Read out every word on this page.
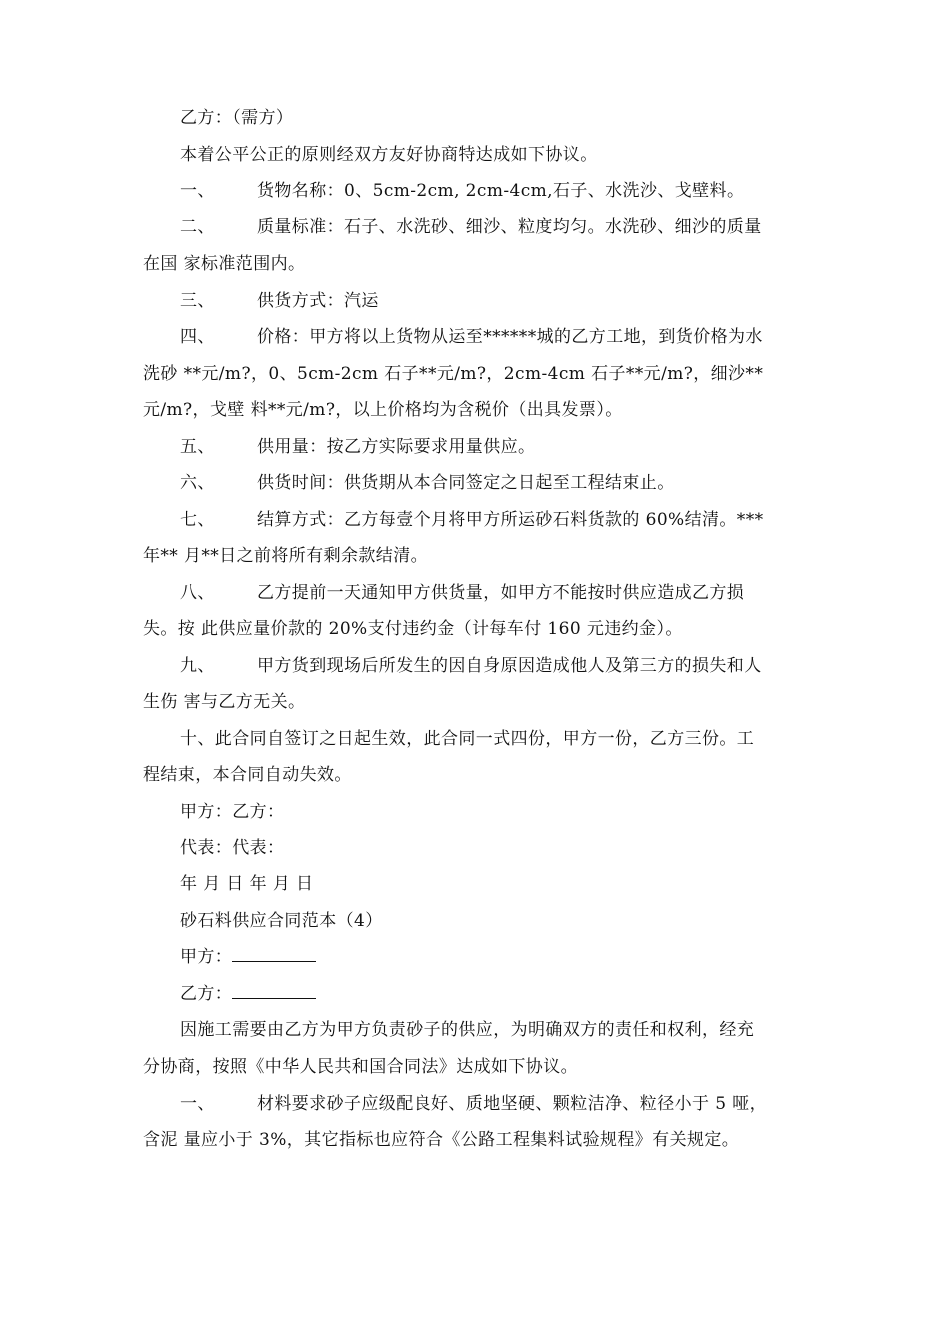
乙方：（需方）
本着公平公正的原则经双方友好协商特达成如下协议。
一、 货物名称：0、5cm-2cm, 2cm-4cm,石子、水洗沙、戈壁料。
二、 质量标准：石子、水洗砂、细沙、粒度均匀。水洗砂、细沙的质量
在国 家标准范围内。
三、 供货方式：汽运
四、 价格：甲方将以上货物从运至******城的乙方工地，到货价格为水
洗砂 **元/m?，0、5cm-2cm 石子**元/m?，2cm-4cm 石子**元/m?，细沙**
元/m?，戈壁 料**元/m?，以上价格均为含税价（出具发票）。
五、 供用量：按乙方实际要求用量供应。
六、 供货时间：供货期从本合同签定之日起至工程结束止。
七、 结算方式：乙方每壹个月将甲方所运砂石料货款的 60%结清。***
年** 月**日之前将所有剩余款结清。
八、 乙方提前一天通知甲方供货量，如甲方不能按时供应造成乙方损
失。按 此供应量价款的 20%支付违约金（计每车付 160 元违约金）。
九、 甲方货到现场后所发生的因自身原因造成他人及第三方的损失和人
生伤 害与乙方无关。
十、此合同自签订之日起生效，此合同一式四份，甲方一份，乙方三份。工
程结束，本合同自动失效。
甲方：乙方：
代表：代表：
年 月 日 年 月 日
砂石料供应合同范本（4）
甲方：
乙方：
因施工需要由乙方为甲方负责砂子的供应，为明确双方的责任和权利，经充
分协商，按照《中华人民共和国合同法》达成如下协议。
一、 材料要求砂子应级配良好、质地坚硬、颗粒洁净、粒径小于 5 哑，
含泥 量应小于 3%，其它指标也应符合《公路工程集料试验规程》有关规定。
